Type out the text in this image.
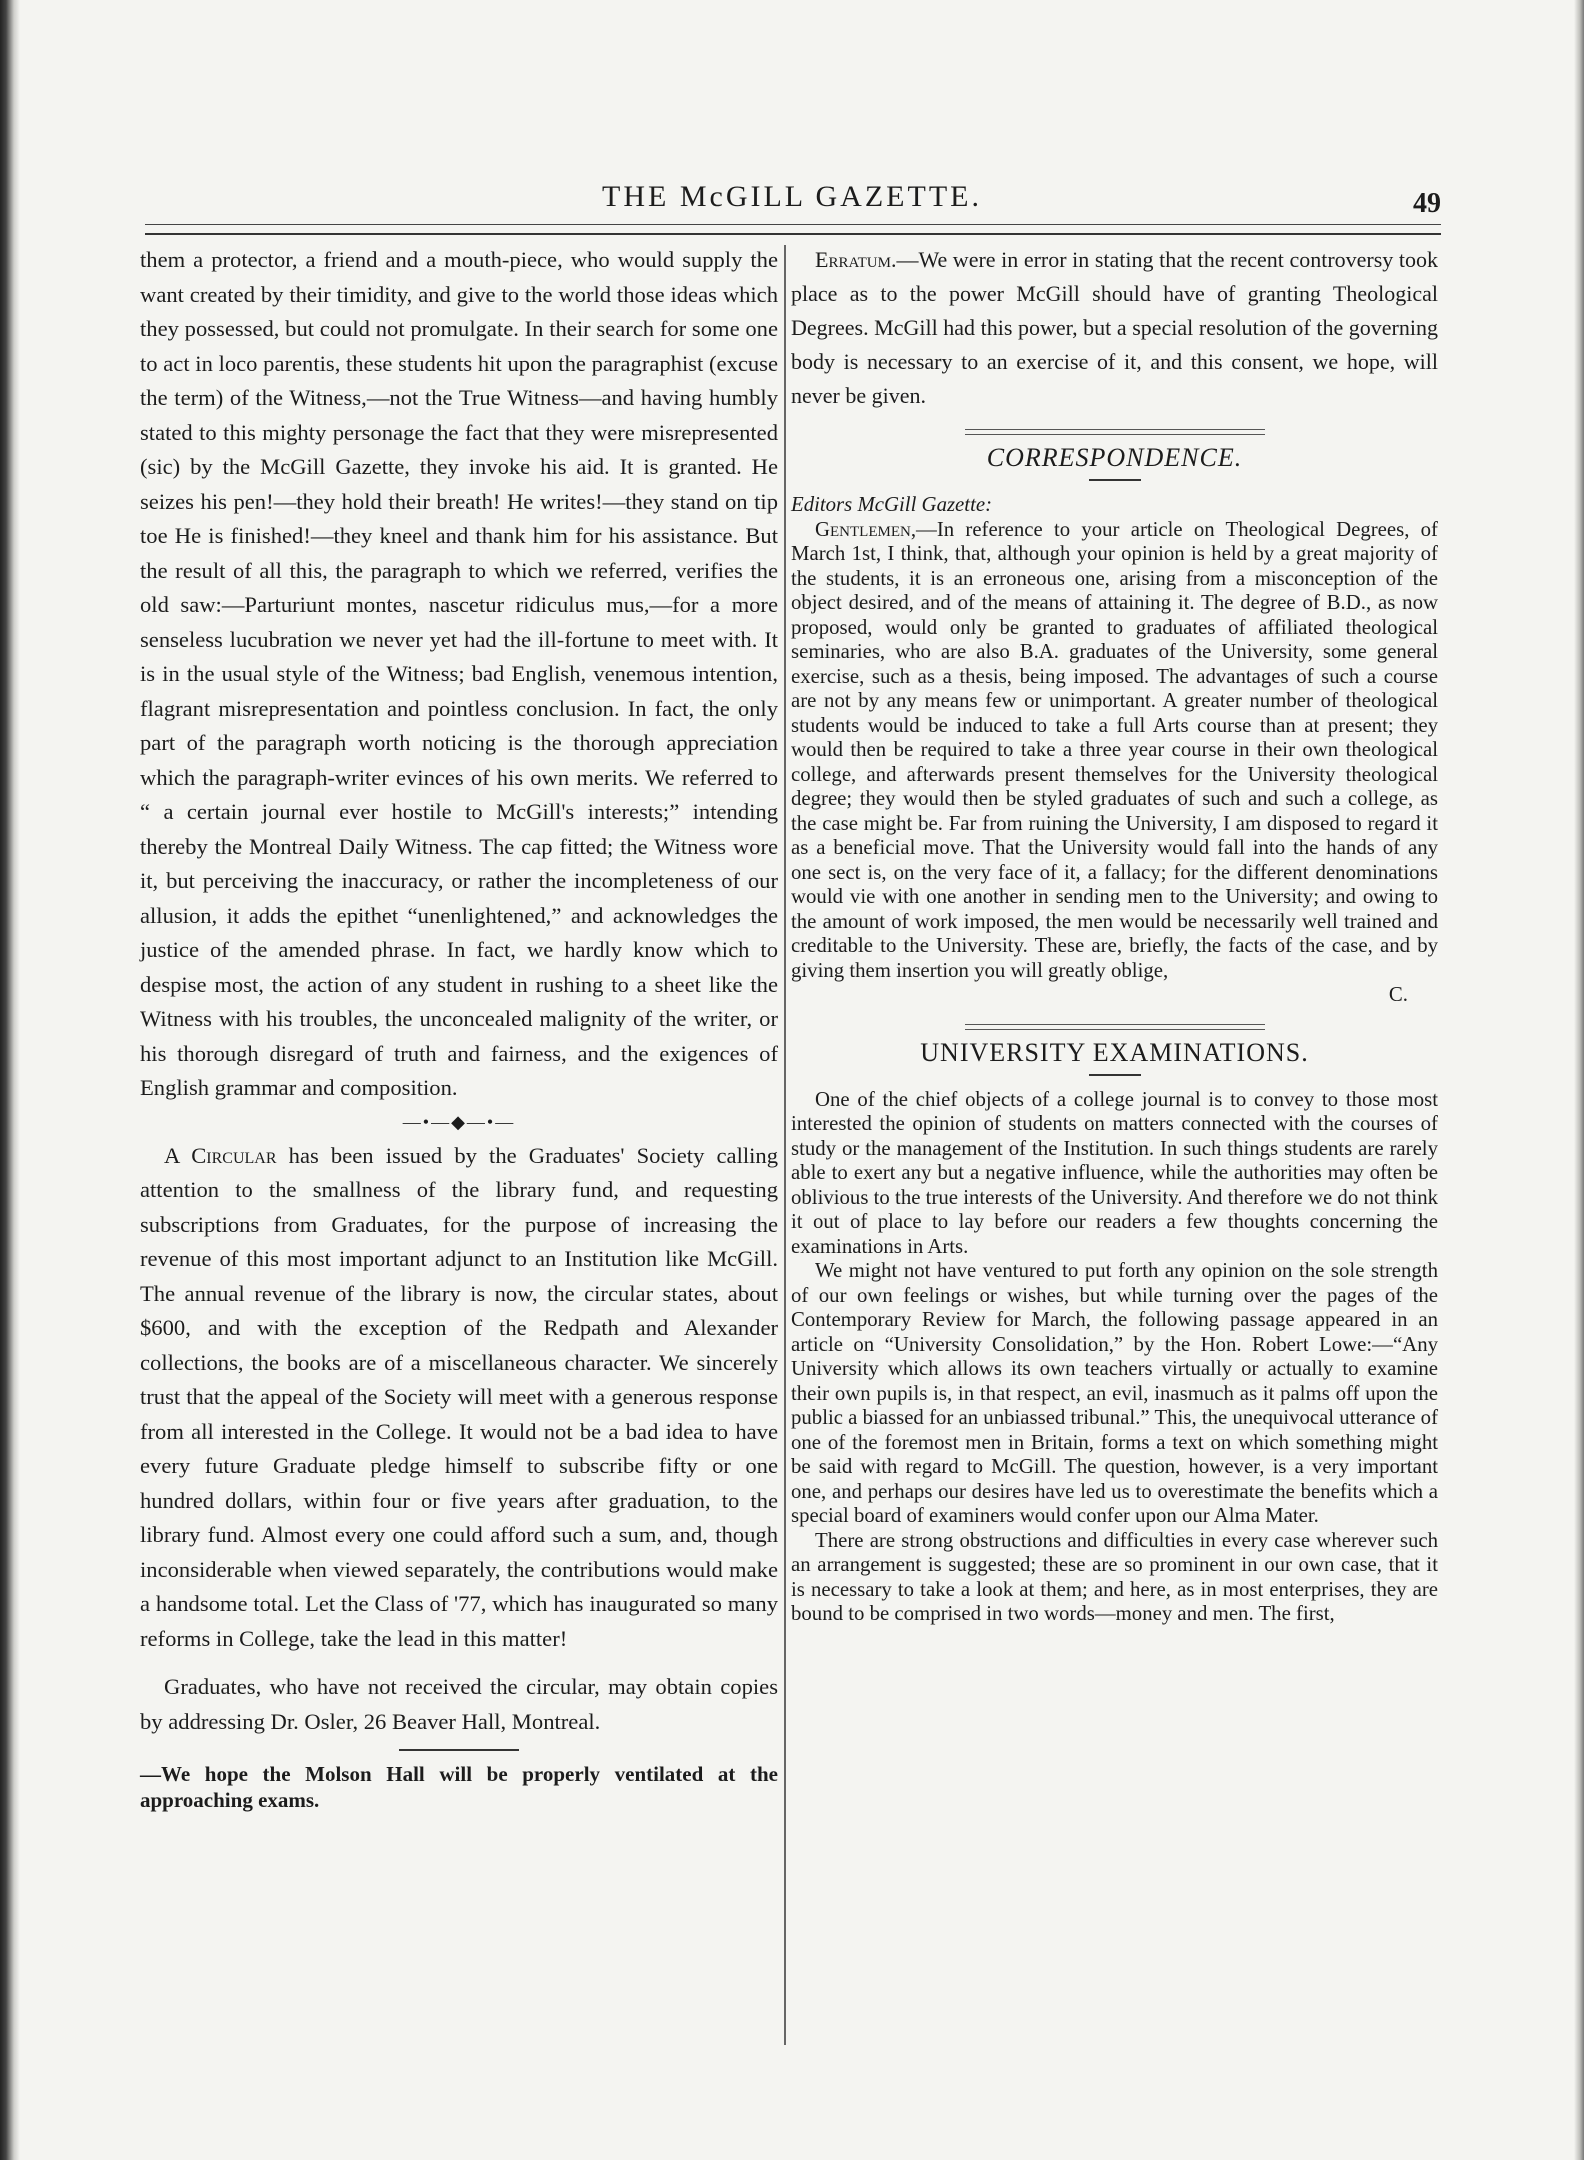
THE McGILL GAZETTE.	49

them a protector, a friend and a mouth-piece, who would supply the want created by their timidity, and give to the world those ideas which they possessed, but could not promulgate. In their search for some one to act in loco parentis, these students hit upon the paragraphist (excuse the term) of the Witness,—not the True Witness—and having humbly stated to this mighty personage the fact that they were misrepresented (sic) by the McGill Gazette, they invoke his aid. It is granted. He seizes his pen!—they hold their breath! He writes!—they stand on tip toe He is finished!—they kneel and thank him for his assistance. But the result of all this, the paragraph to which we referred, verifies the old saw:—Parturiunt montes, nascetur ridiculus mus,—for a more senseless lucubration we never yet had the ill-fortune to meet with. It is in the usual style of the Witness; bad English, venemous intention, flagrant misrepresentation and pointless conclusion. In fact, the only part of the paragraph worth noticing is the thorough appreciation which the paragraph-writer evinces of his own merits. We referred to “ a certain journal ever hostile to McGill's interests;” intending thereby the Montreal Daily Witness. The cap fitted; the Witness wore it, but perceiving the inaccuracy, or rather the incompleteness of our allusion, it adds the epithet “unenlightened,” and acknowledges the justice of the amended phrase. In fact, we hardly know which to despise most, the action of any student in rushing to a sheet like the Witness with his troubles, the unconcealed malignity of the writer, or his thorough disregard of truth and fairness, and the exigences of English grammar and composition.

—•—◆—•—

A Circular has been issued by the Graduates' Society calling attention to the smallness of the library fund, and requesting subscriptions from Graduates, for the purpose of increasing the revenue of this most important adjunct to an Institution like McGill. The annual revenue of the library is now, the circular states, about $600, and with the exception of the Redpath and Alexander collections, the books are of a miscellaneous character. We sincerely trust that the appeal of the Society will meet with a generous response from all interested in the College. It would not be a bad idea to have every future Graduate pledge himself to subscribe fifty or one hundred dollars, within four or five years after graduation, to the library fund. Almost every one could afford such a sum, and, though inconsiderable when viewed separately, the contributions would make a handsome total. Let the Class of '77, which has inaugurated so many reforms in College, take the lead in this matter!

Graduates, who have not received the circular, may obtain copies by addressing Dr. Osler, 26 Beaver Hall, Montreal.

—We hope the Molson Hall will be properly ventilated at the approaching exams.

Erratum.—We were in error in stating that the recent controversy took place as to the power McGill should have of granting Theological Degrees. McGill had this power, but a special resolution of the governing body is necessary to an exercise of it, and this consent, we hope, will never be given.

CORRESPONDENCE.

Editors McGill Gazette:

Gentlemen,—In reference to your article on Theological Degrees, of March 1st, I think, that, although your opinion is held by a great majority of the students, it is an erroneous one, arising from a misconception of the object desired, and of the means of attaining it. The degree of B.D., as now proposed, would only be granted to graduates of affiliated theological seminaries, who are also B.A. graduates of the University, some general exercise, such as a thesis, being imposed. The advantages of such a course are not by any means few or unimportant. A greater number of theological students would be induced to take a full Arts course than at present; they would then be required to take a three year course in their own theological college, and afterwards present themselves for the University theological degree; they would then be styled graduates of such and such a college, as the case might be. Far from ruining the University, I am disposed to regard it as a beneficial move. That the University would fall into the hands of any one sect is, on the very face of it, a fallacy; for the different denominations would vie with one another in sending men to the University; and owing to the amount of work imposed, the men would be necessarily well trained and creditable to the University. These are, briefly, the facts of the case, and by giving them insertion you will greatly oblige,

C.

UNIVERSITY EXAMINATIONS.

One of the chief objects of a college journal is to convey to those most interested the opinion of students on matters connected with the courses of study or the management of the Institution. In such things students are rarely able to exert any but a negative influence, while the authorities may often be oblivious to the true interests of the University. And therefore we do not think it out of place to lay before our readers a few thoughts concerning the examinations in Arts.

We might not have ventured to put forth any opinion on the sole strength of our own feelings or wishes, but while turning over the pages of the Contemporary Review for March, the following passage appeared in an article on “University Consolidation,” by the Hon. Robert Lowe:—“Any University which allows its own teachers virtually or actually to examine their own pupils is, in that respect, an evil, inasmuch as it palms off upon the public a biassed for an unbiassed tribunal.” This, the unequivocal utterance of one of the foremost men in Britain, forms a text on which something might be said with regard to McGill. The question, however, is a very important one, and perhaps our desires have led us to overestimate the benefits which a special board of examiners would confer upon our Alma Mater.

There are strong obstructions and difficulties in every case wherever such an arrangement is suggested; these are so prominent in our own case, that it is necessary to take a look at them; and here, as in most enterprises, they are bound to be comprised in two words—money and men. The first,
